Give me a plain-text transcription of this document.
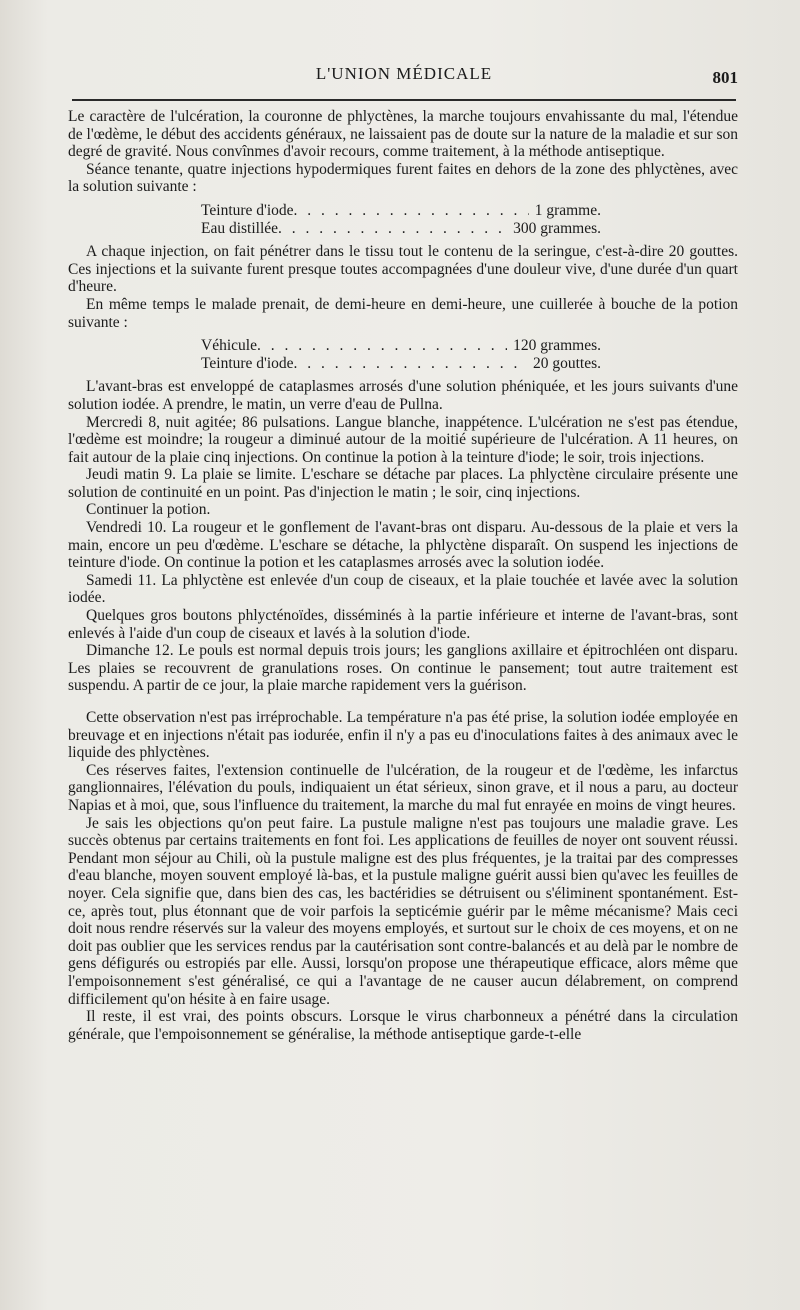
L'UNION MÉDICALE	801

Le caractère de l'ulcération, la couronne de phlyctènes, la marche toujours envahissante du mal, l'étendue de l'œdème, le début des accidents généraux, ne laissaient pas de doute sur la nature de la maladie et sur son degré de gravité. Nous convînmes d'avoir recours, comme traitement, à la méthode antiseptique.

Séance tenante, quatre injections hypodermiques furent faites en dehors de la zone des phlyctènes, avec la solution suivante :

Teinture d'iode . . .	1 gramme.
Eau distillée . . .	300 grammes.

A chaque injection, on fait pénétrer dans le tissu tout le contenu de la seringue, c'est-à-dire 20 gouttes. Ces injections et la suivante furent presque toutes accompagnées d'une douleur vive, d'une durée d'un quart d'heure.

En même temps le malade prenait, de demi-heure en demi-heure, une cuillerée à bouche de la potion suivante :

Véhicule . . .	120 grammes.
Teinture d'iode . . .	20 gouttes.

L'avant-bras est enveloppé de cataplasmes arrosés d'une solution phéniquée, et les jours suivants d'une solution iodée. A prendre, le matin, un verre d'eau de Pullna.

Mercredi 8, nuit agitée; 86 pulsations. Langue blanche, inappétence. L'ulcération ne s'est pas étendue, l'œdème est moindre; la rougeur a diminué autour de la moitié supérieure de l'ulcération. A 11 heures, on fait autour de la plaie cinq injections. On continue la potion à la teinture d'iode; le soir, trois injections.

Jeudi matin 9. La plaie se limite. L'eschare se détache par places. La phlyctène circulaire présente une solution de continuité en un point. Pas d'injection le matin ; le soir, cinq injections.

Continuer la potion.

Vendredi 10. La rougeur et le gonflement de l'avant-bras ont disparu. Au-dessous de la plaie et vers la main, encore un peu d'œdème. L'eschare se détache, la phlyctène disparaît. On suspend les injections de teinture d'iode. On continue la potion et les cataplasmes arrosés avec la solution iodée.

Samedi 11. La phlyctène est enlevée d'un coup de ciseaux, et la plaie touchée et lavée avec la solution iodée.

Quelques gros boutons phlycténoïdes, disséminés à la partie inférieure et interne de l'avant-bras, sont enlevés à l'aide d'un coup de ciseaux et lavés à la solution d'iode.

Dimanche 12. Le pouls est normal depuis trois jours; les ganglions axillaire et épitrochléen ont disparu. Les plaies se recouvrent de granulations roses. On continue le pansement; tout autre traitement est suspendu. A partir de ce jour, la plaie marche rapidement vers la guérison.

Cette observation n'est pas irréprochable. La température n'a pas été prise, la solution iodée employée en breuvage et en injections n'était pas iodurée, enfin il n'y a pas eu d'inoculations faites à des animaux avec le liquide des phlyctènes.

Ces réserves faites, l'extension continuelle de l'ulcération, de la rougeur et de l'œdème, les infarctus ganglionnaires, l'élévation du pouls, indiquaient un état sérieux, sinon grave, et il nous a paru, au docteur Napias et à moi, que, sous l'influence du traitement, la marche du mal fut enrayée en moins de vingt heures.

Je sais les objections qu'on peut faire. La pustule maligne n'est pas toujours une maladie grave. Les succès obtenus par certains traitements en font foi. Les applications de feuilles de noyer ont souvent réussi. Pendant mon séjour au Chili, où la pustule maligne est des plus fréquentes, je la traitai par des compresses d'eau blanche, moyen souvent employé là-bas, et la pustule maligne guérit aussi bien qu'avec les feuilles de noyer. Cela signifie que, dans bien des cas, les bactéridies se détruisent ou s'éliminent spontanément. Est-ce, après tout, plus étonnant que de voir parfois la septicémie guérir par le même mécanisme? Mais ceci doit nous rendre réservés sur la valeur des moyens employés, et surtout sur le choix de ces moyens, et on ne doit pas oublier que les services rendus par la cautérisation sont contre-balancés et au delà par le nombre de gens défigurés ou estropiés par elle. Aussi, lorsqu'on propose une thérapeutique efficace, alors même que l'empoisonnement s'est généralisé, ce qui a l'avantage de ne causer aucun délabrement, on comprend difficilement qu'on hésite à en faire usage.

Il reste, il est vrai, des points obscurs. Lorsque le virus charbonneux a pénétré dans la circulation générale, que l'empoisonnement se généralise, la méthode antiseptique garde-t-elle
